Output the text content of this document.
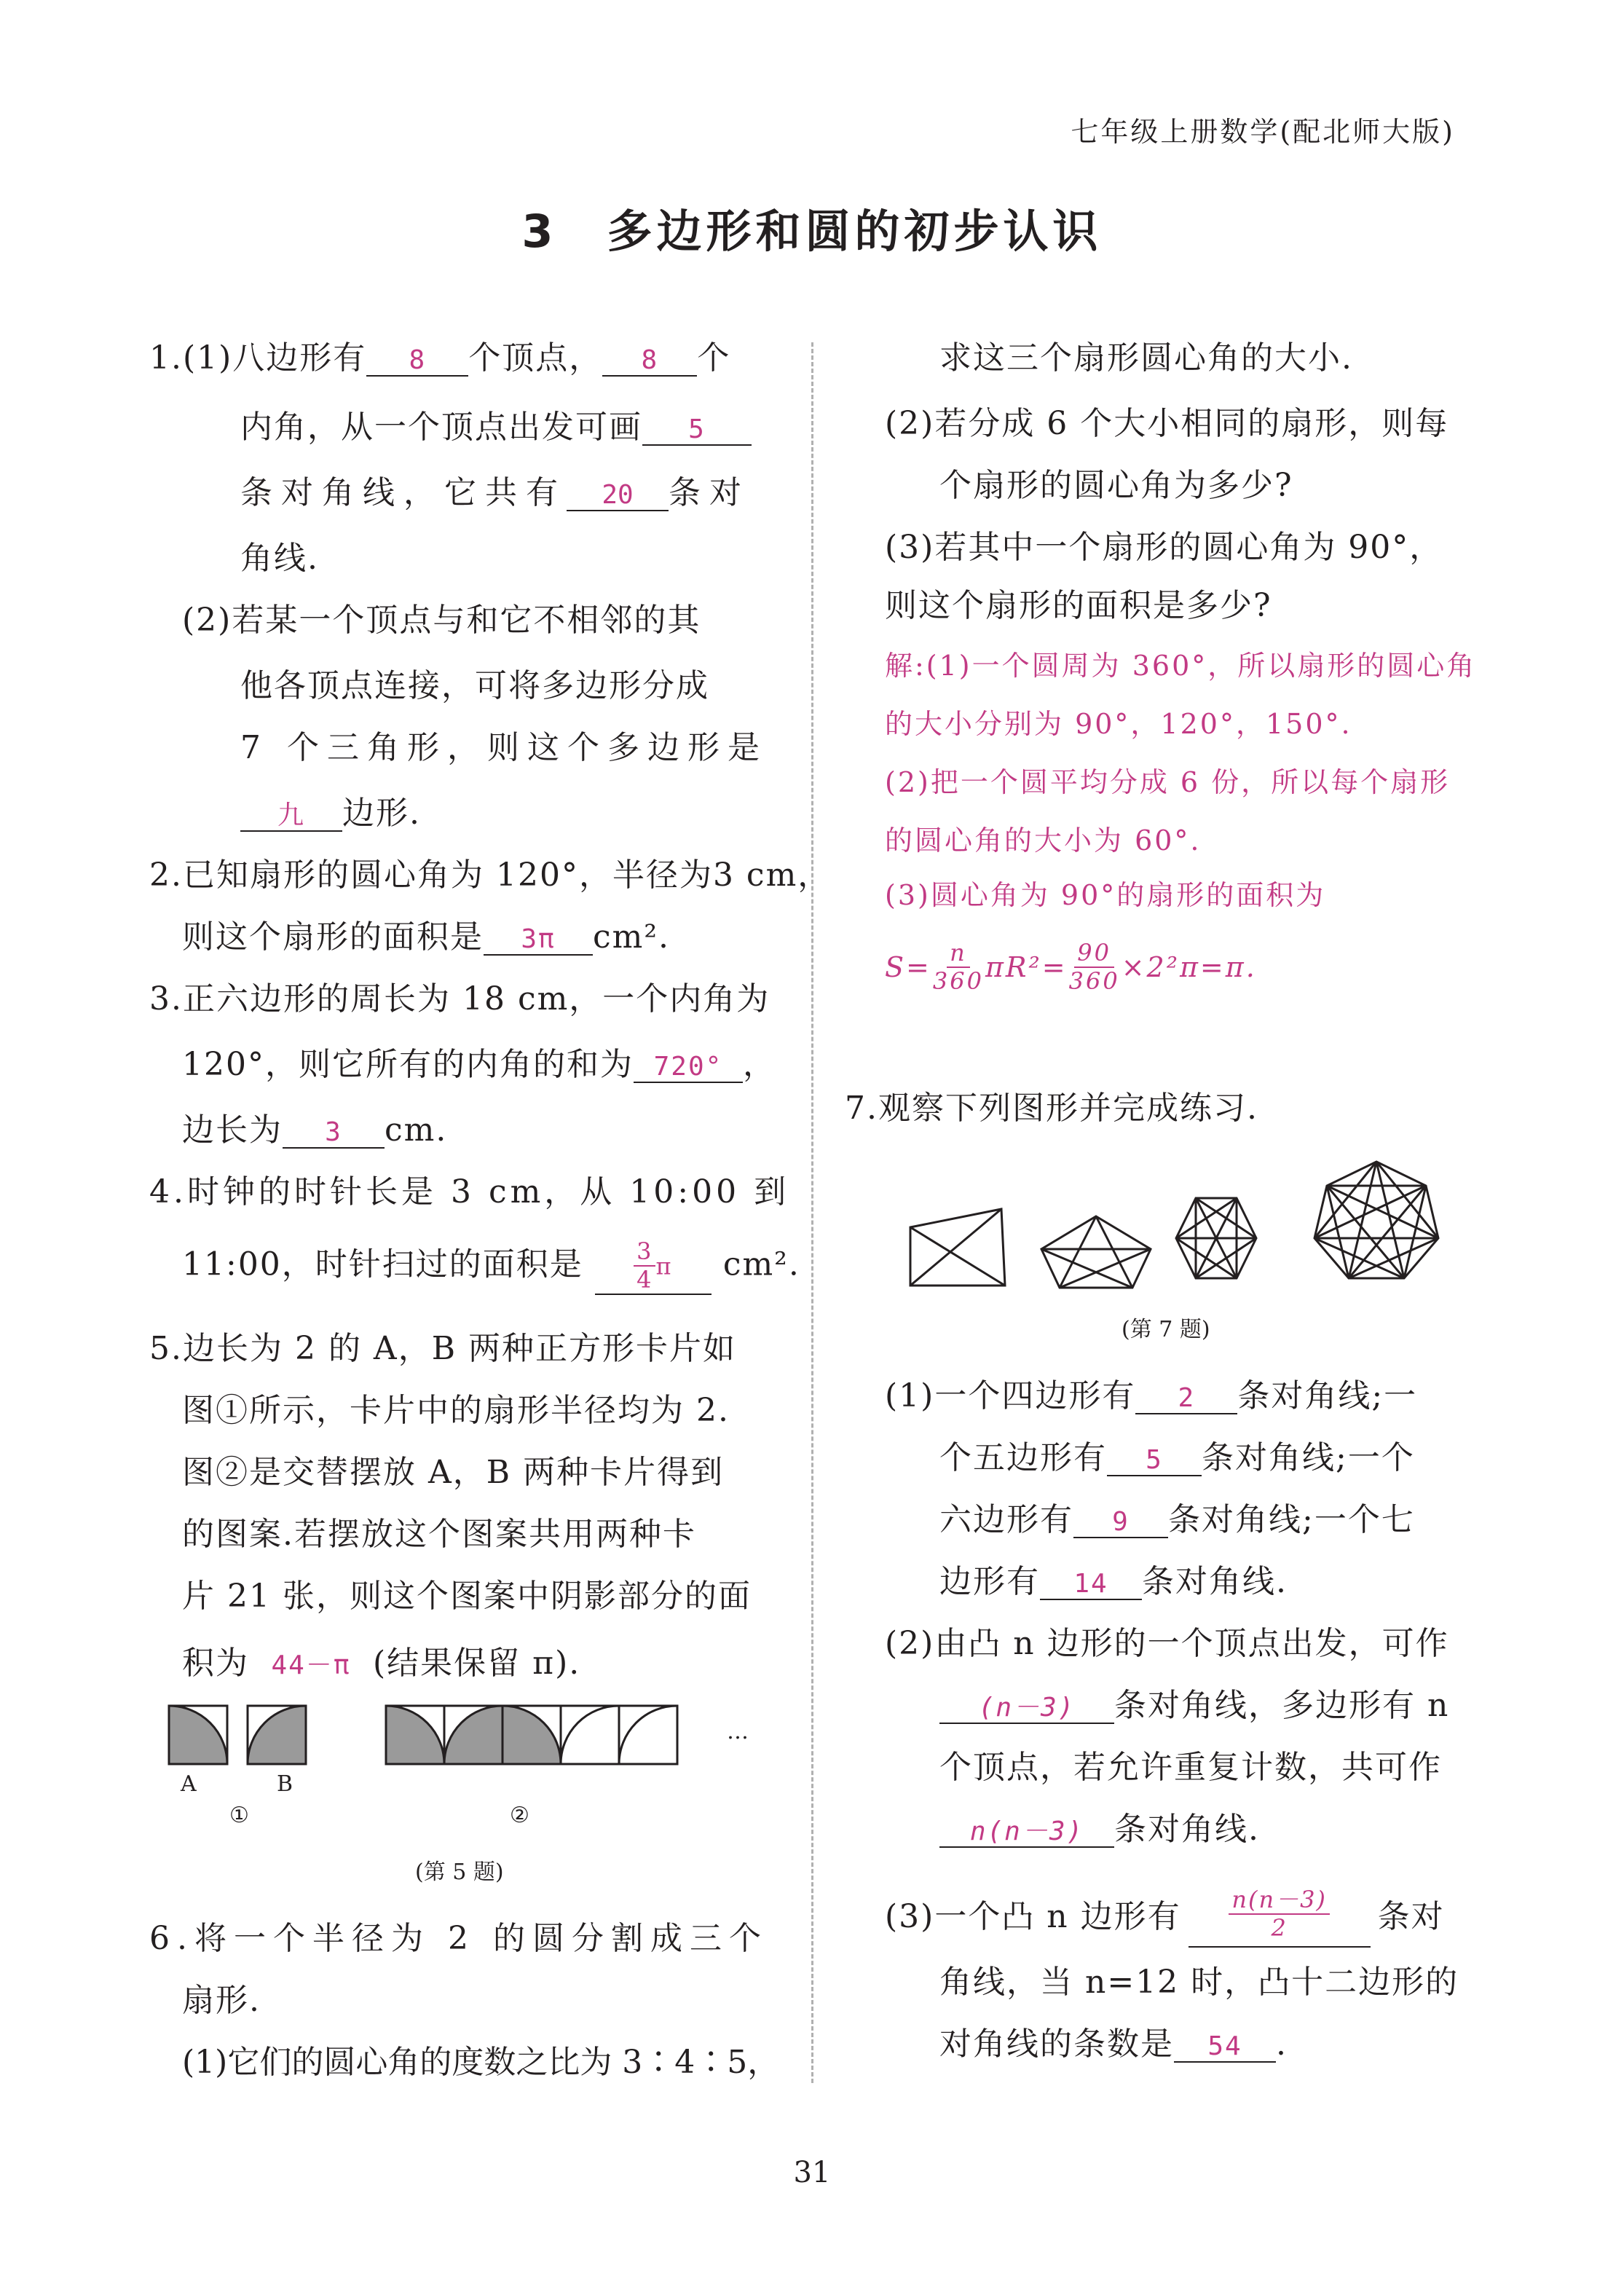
七年级上册数学(配北师大版)
3　多边形和圆的初步认识
1.(1)八边形有 8 个顶点， 8 个
内角，从一个顶点出发可画 5
条对角线，它共有 20 条对
角线.
(2)若某一个顶点与和它不相邻的其
他各顶点连接，可将多边形分成
7 个三角形，则这个多边形是
九 边形.
2.已知扇形的圆心角为 120°，半径为3 cm，
则这个扇形的面积是 3π cm².
3.正六边形的周长为 18 cm，一个内角为
120°，则它所有的内角的和为 720° ，
边长为 3 cm.
4.时钟的时针长是 3 cm，从 10:00 到
11:00，时针扫过的面积是 $\frac{3}{4}$ π cm².
5.边长为 2 的 A，B 两种正方形卡片如
图①所示，卡片中的扇形半径均为 2.
图②是交替摆放 A，B 两种卡片得到
的图案.若摆放这个图案共用两种卡
片 21 张，则这个图案中阴影部分的面
积为 44－π (结果保留 π).
A	B
①	②
…
(第 5 题)
6.将一个半径为 2 的圆分割成三个
扇形.
(1)它们的圆心角的度数之比为 3∶4∶5，
求这三个扇形圆心角的大小.
(2)若分成 6 个大小相同的扇形，则每
个扇形的圆心角为多少?
(3)若其中一个扇形的圆心角为 90°，
则这个扇形的面积是多少?
解:(1)一个圆周为 360°，所以扇形的圆心角
的大小分别为 90°，120°，150°.
(2)把一个圆平均分成 6 份，所以每个扇形
的圆心角的大小为 60°.
(3)圆心角为 90°的扇形的面积为
$S= \frac{n}{360} \pi R^2= \frac{90}{360} \times 2^2\pi=\pi$.
7.观察下列图形并完成练习.
(第 7 题)
(1)一个四边形有 2 条对角线;一
个五边形有 5 条对角线;一个
六边形有 9 条对角线;一个七
边形有 14 条对角线.
(2)由凸 n 边形的一个顶点出发，可作
(n－3) 条对角线，多边形有 n
个顶点，若允许重复计数，共可作
n(n－3) 条对角线.
(3)一个凸 n 边形有 $\frac{n(n-3)}{2}$ 条对
角线，当 n=12 时，凸十二边形的
对角线的条数是 54 .
31
